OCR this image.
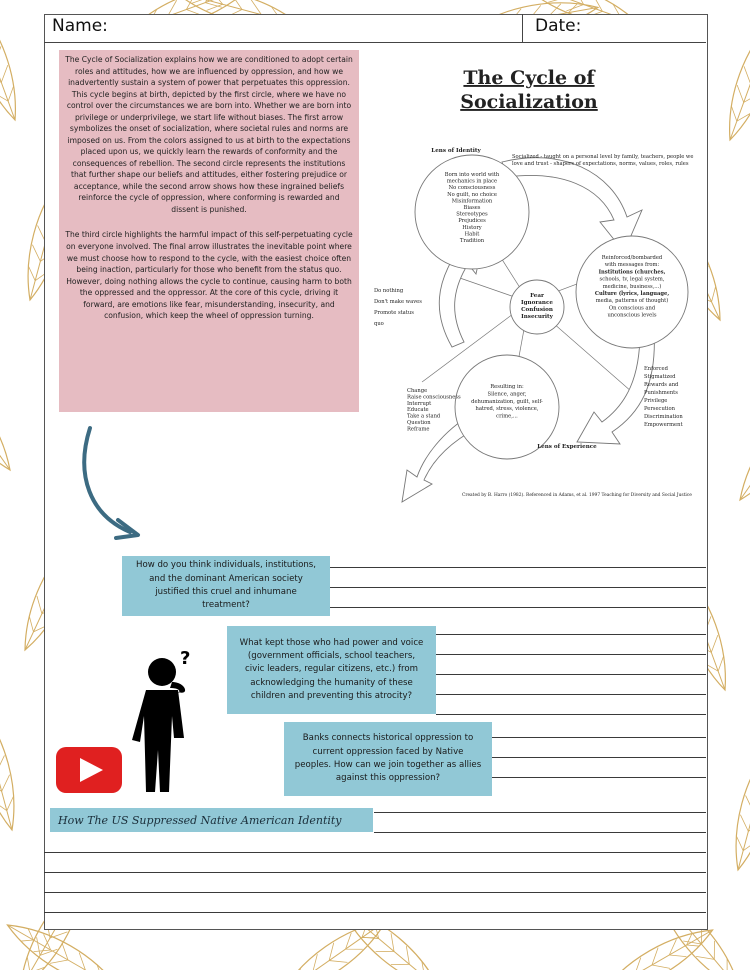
Name:	Date:

The Cycle of Socialization explains how we are conditioned to adopt certain roles and attitudes, how we are influenced by oppression, and how we inadvertently sustain a system of power that perpetuates this oppression. This cycle begins at birth, depicted by the first circle, where we have no control over the circumstances we are born into. Whether we are born into privilege or underprivilege, we start life without biases. The first arrow symbolizes the onset of socialization, where societal rules and norms are imposed on us. From the colors assigned to us at birth to the expectations placed upon us, we quickly learn the rewards of conformity and the consequences of rebellion. The second circle represents the institutions that further shape our beliefs and attitudes, either fostering prejudice or acceptance, while the second arrow shows how these ingrained beliefs reinforce the cycle of oppression, where conforming is rewarded and dissent is punished.

The third circle highlights the harmful impact of this self-perpetuating cycle on everyone involved. The final arrow illustrates the inevitable point where we must choose how to respond to the cycle, with the easiest choice often being inaction, particularly for those who benefit from the status quo. However, doing nothing allows the cycle to continue, causing harm to both the oppressed and the oppressor. At the core of this cycle, driving it forward, are emotions like fear, misunderstanding, insecurity, and confusion, which keep the wheel of oppression turning.

The Cycle of
Socialization
Lens of Identity
Lens of Experience
Socialized - taught on a personal level by family, teachers, people we
love and trust - shapers of expectations, norms, values, roles, rules
Born into world with
mechanics in place
No consciousness
No guilt, no choice
Misinformation
Biases
Stereotypes
Prejudices
History
Habit
Tradition
Reinforced/bombarded
with messages from:
Institutions (churches,
schools, tv, legal system,
medicine, business,...)
Culture (lyrics, language,
media, patterns of thought)
On conscious and
unconscious levels
Resulting in:
Silence, anger,
dehumanization, guilt, self-
hatred, stress, violence,
crime,...
Fear
Ignorance
Confusion
Insecurity
Do nothing
Don't make waves
Promote status
quo
Change
Raise consciousness
Interrupt
Educate
Take a stand
Question
Reframe
Enforced
Stigmatized
Rewards and
Punishments
Privilege
Persecution
Discrimination
Empowerment
Created by B. Harro (1982). Referenced in Adams, et al. 1997 Teaching for Diversity and Social Justice
How do you think individuals, institutions, and the dominant American society justified this cruel and inhumane treatment?
What kept those who had power and voice (government officials, school teachers, civic leaders, regular citizens, etc.) from acknowledging the humanity of these children and preventing this atrocity?
Banks connects historical oppression to current oppression faced by Native peoples. How can we join together as allies against this oppression?
?
How The US Suppressed Native American Identity
